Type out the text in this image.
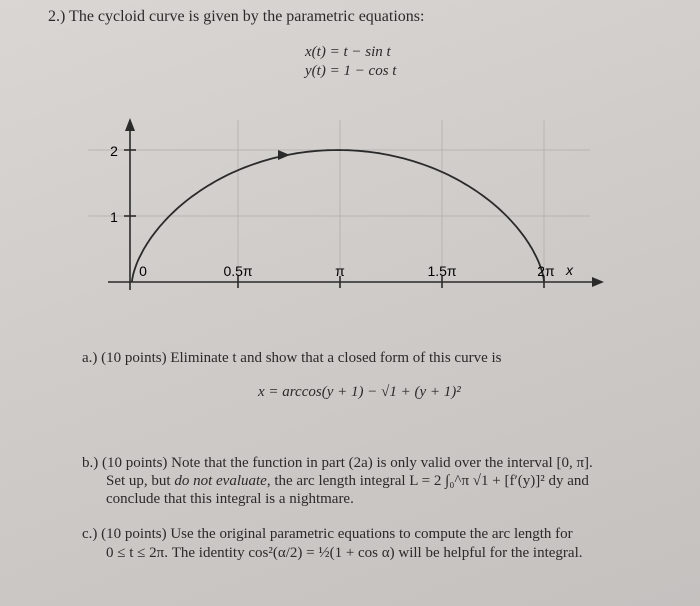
2.) The cycloid curve is given by the parametric equations:
x(t) = t − sin t
y(t) = 1 − cos t
2
1
0	0.5π	π	1.5π	2π x
a.) (10 points) Eliminate t and show that a closed form of this curve is
x = arccos(y + 1) − √1 + (y + 1)²
b.) (10 points) Note that the function in part (2a) is only valid over the interval [0, π].
Set up, but do not evaluate, the arc length integral L = 2 ∫₀^π √1 + [f′(y)]² dy and
conclude that this integral is a nightmare.
c.) (10 points) Use the original parametric equations to compute the arc length for
0 ≤ t ≤ 2π. The identity cos²(α/2) = ½(1 + cos α) will be helpful for the integral.
